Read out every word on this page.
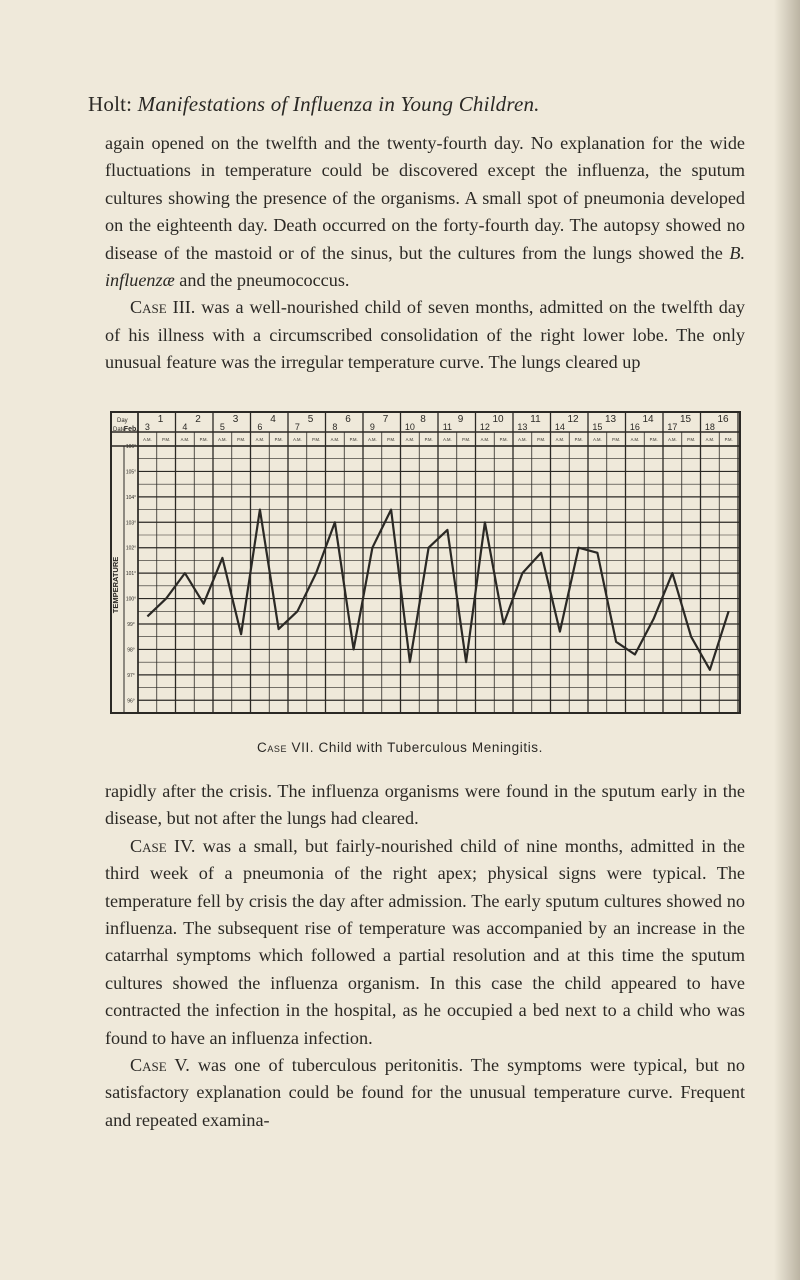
Holt: Manifestations of Influenza in Young Children.

again opened on the twelfth and the twenty-fourth day. No explanation for the wide fluctuations in temperature could be discovered except the influenza, the sputum cultures showing the presence of the organisms. A small spot of pneumonia developed on the eighteenth day. Death occurred on the forty-fourth day. The autopsy showed no disease of the mastoid or of the sinus, but the cultures from the lungs showed the B. influenzæ and the pneumococcus.

Case III. was a well-nourished child of seven months, admitted on the twelfth day of his illness with a circumscribed consolidation of the right lower lobe. The only unusual feature was the irregular temperature curve. The lungs cleared up

Day
Date
Feb.
TEMPERATURE
1	2	3	4	5	6	7	8	9	10	11	12	13	14	15	16
3	4	5	6	7	8	9	10	11	12	13	14	15	16	17	18
A.M. P.M. A.M. P.M. A.M. P.M. A.M. P.M. A.M. P.M. A.M. P.M. A.M. P.M. A.M. P.M. A.M. P.M. A.M. P.M. A.M. P.M. A.M. P.M. A.M. P.M. A.M. P.M. A.M. P.M. A.M. P.M.
106°
105°
104°
103°
102°
101°
100°
99°
98°
97°
96°
Case VII. Child with Tuberculous Meningitis.

rapidly after the crisis. The influenza organisms were found in the sputum early in the disease, but not after the lungs had cleared.

Case IV. was a small, but fairly-nourished child of nine months, admitted in the third week of a pneumonia of the right apex; physical signs were typical. The temperature fell by crisis the day after admission. The early sputum cultures showed no influenza. The subsequent rise of temperature was accompanied by an increase in the catarrhal symptoms which followed a partial resolution and at this time the sputum cultures showed the influenza organism. In this case the child appeared to have contracted the infection in the hospital, as he occupied a bed next to a child who was found to have an influenza infection.

Case V. was one of tuberculous peritonitis. The symptoms were typical, but no satisfactory explanation could be found for the unusual temperature curve. Frequent and repeated examina-
